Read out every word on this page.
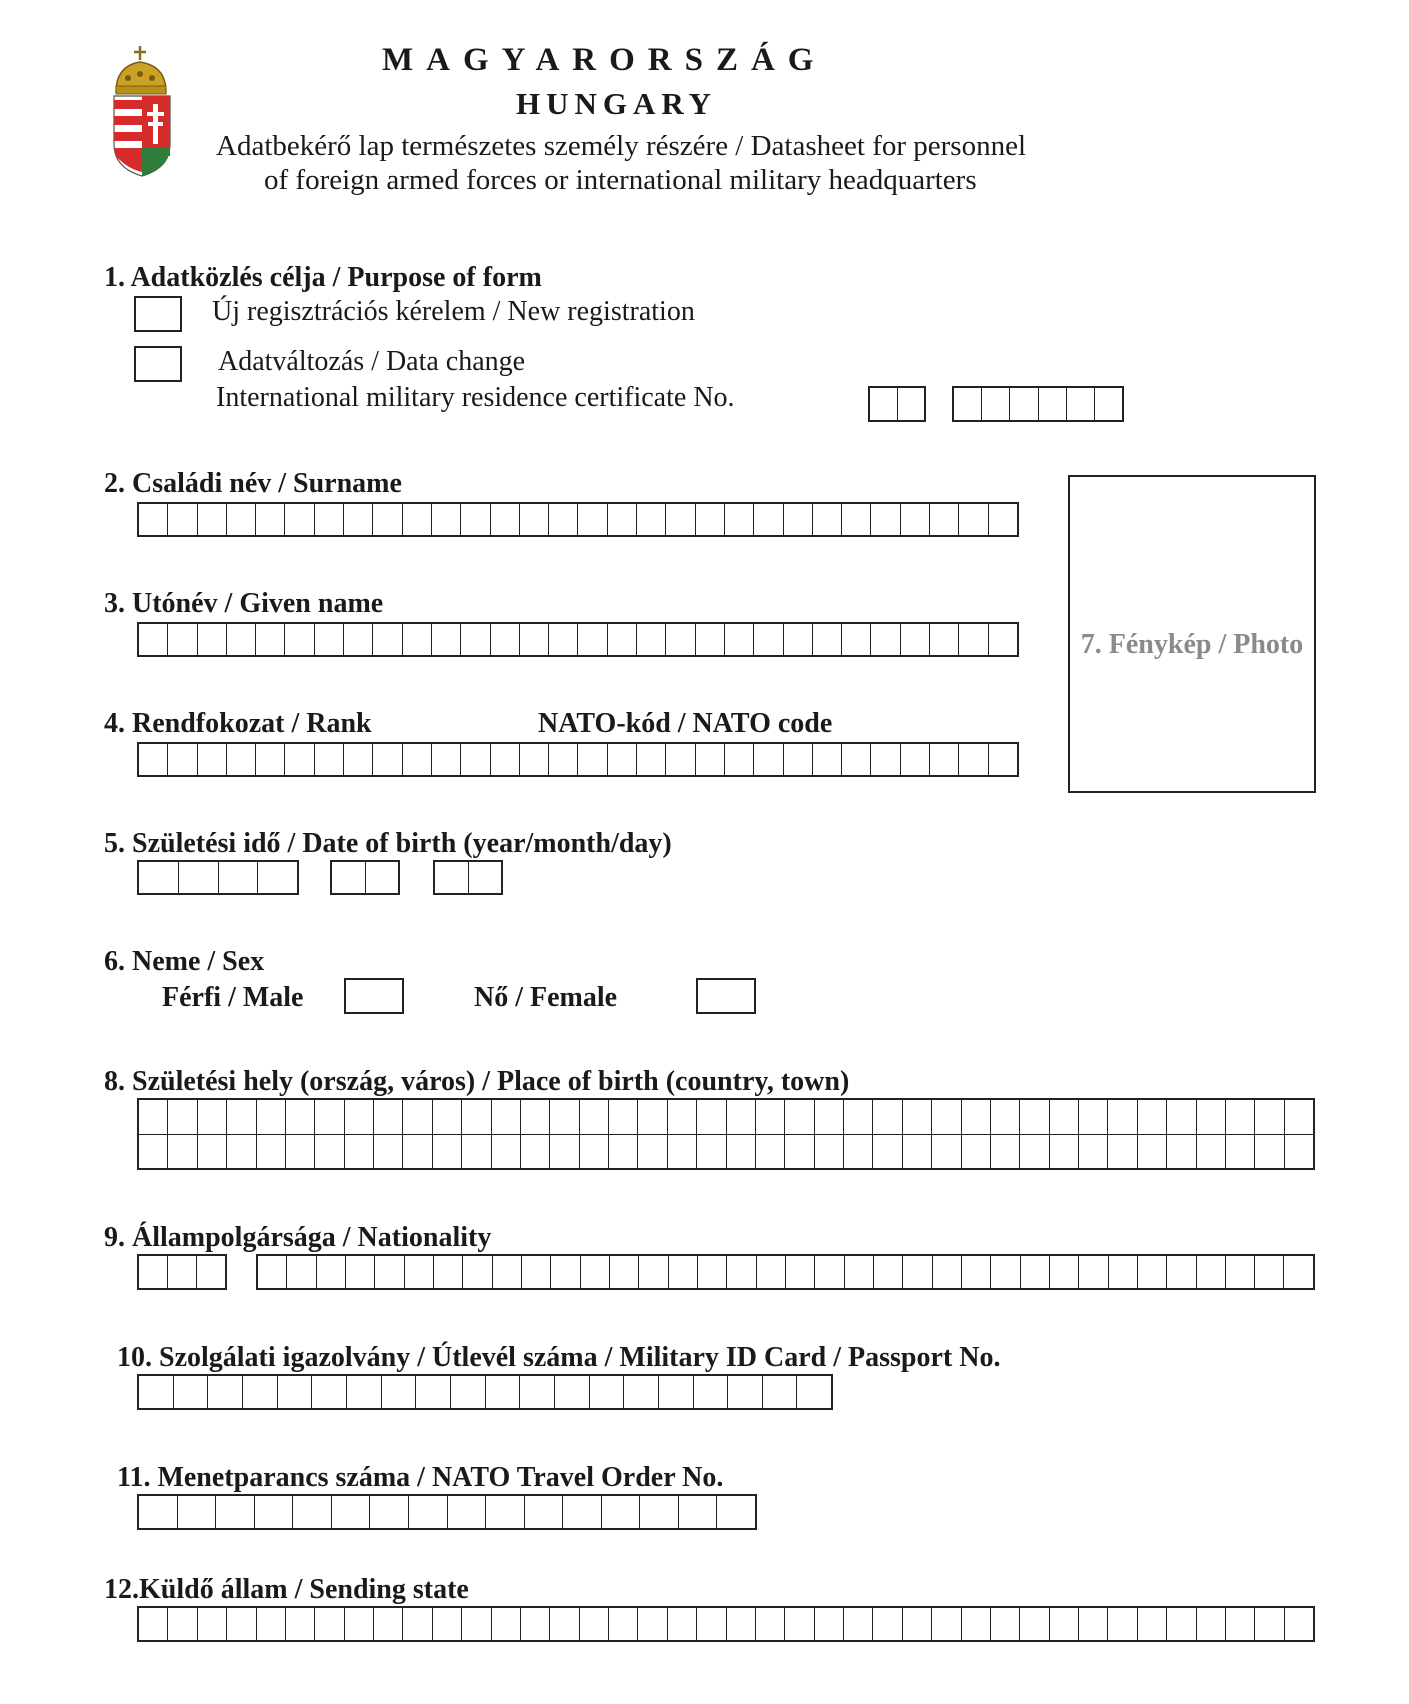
MAGYARORSZÁG
HUNGARY
Adatbekérő lap természetes személy részére / Datasheet for personnel
of foreign armed forces or international military headquarters
1. Adatközlés célja / Purpose of form
Új regisztrációs kérelem / New registration
Adatváltozás / Data change
International military residence certificate No.
7. Fénykép / Photo
2. Családi név / Surname
3. Utónév / Given name
4. Rendfokozat / Rank	NATO-kód / NATO code
5. Születési idő / Date of birth (year/month/day)
6. Neme / Sex
Férfi / Male	Nő / Female
8. Születési hely (ország, város) / Place of birth (country, town)
9. Állampolgársága / Nationality
10. Szolgálati igazolvány / Útlevél száma / Military ID Card / Passport No.
11. Menetparancs száma / NATO Travel Order No.
12.Küldő állam / Sending state
